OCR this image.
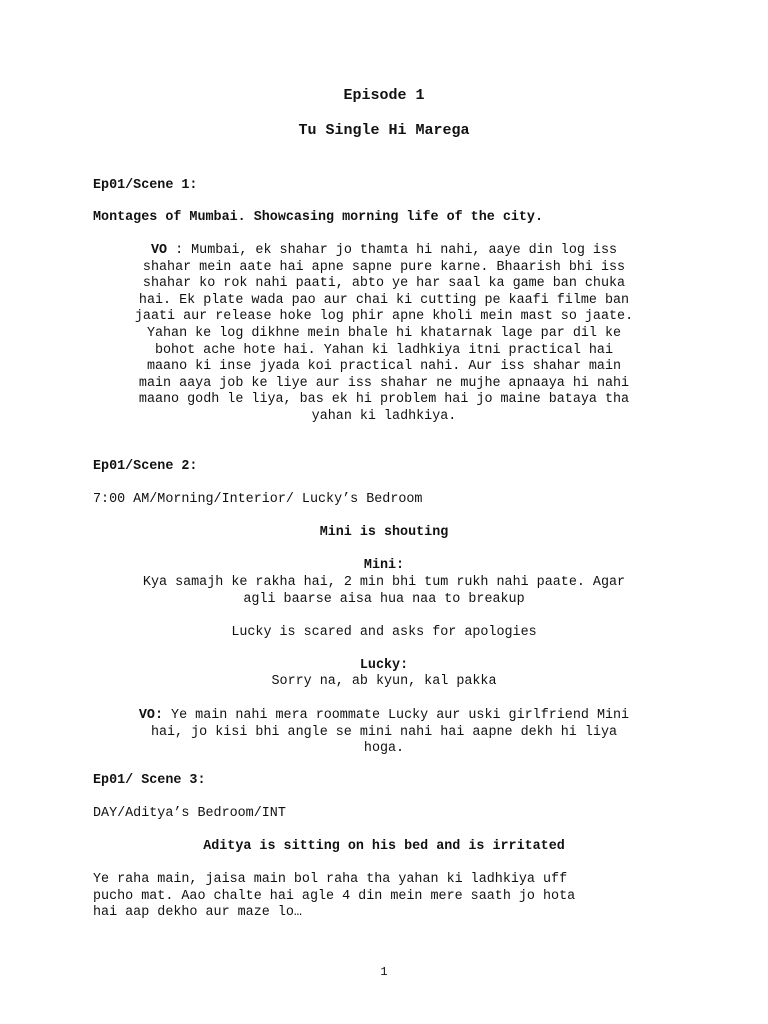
Episode 1

Tu Single Hi Marega

Ep01/Scene 1:

Montages of Mumbai. Showcasing morning life of the city.

VO : Mumbai, ek shahar jo thamta hi nahi, aaye din log iss
shahar mein aate hai apne sapne pure karne. Bhaarish bhi iss
shahar ko rok nahi paati, abto ye har saal ka game ban chuka
hai. Ek plate wada pao aur chai ki cutting pe kaafi filme ban
jaati aur release hoke log phir apne kholi mein mast so jaate.
Yahan ke log dikhne mein bhale hi khatarnak lage par dil ke
bohot ache hote hai. Yahan ki ladhkiya itni practical hai
maano ki inse jyada koi practical nahi. Aur iss shahar main
main aaya job ke liye aur iss shahar ne mujhe apnaaya hi nahi
maano godh le liya, bas ek hi problem hai jo maine bataya tha
yahan ki ladhkiya.

Ep01/Scene 2:

7:00 AM/Morning/Interior/ Lucky’s Bedroom

Mini is shouting

Mini:

Kya samajh ke rakha hai, 2 min bhi tum rukh nahi paate. Agar
agli baarse aisa hua naa to breakup

Lucky is scared and asks for apologies

Lucky:

Sorry na, ab kyun, kal pakka

VO: Ye main nahi mera roommate Lucky aur uski girlfriend Mini
hai, jo kisi bhi angle se mini nahi hai aapne dekh hi liya
hoga.

Ep01/ Scene 3:

DAY/Aditya’s Bedroom/INT

Aditya is sitting on his bed and is irritated

Ye raha main, jaisa main bol raha tha yahan ki ladhkiya uff

pucho mat. Aao chalte hai agle 4 din mein mere saath jo hota

hai aap dekho aur maze lo…

1
